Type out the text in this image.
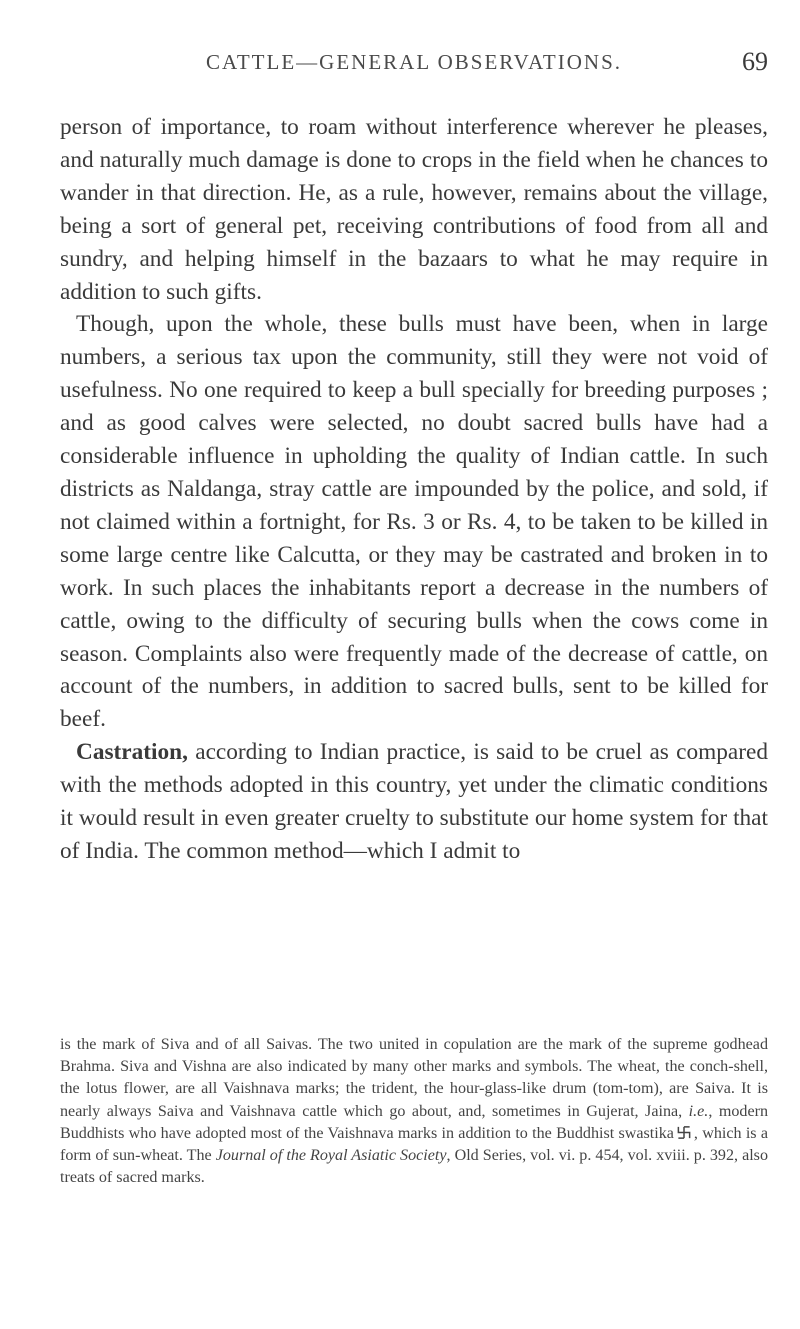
CATTLE—GENERAL OBSERVATIONS.	69

person of importance, to roam without interference wherever he pleases, and naturally much damage is done to crops in the field when he chances to wander in that direction. He, as a rule, however, remains about the village, being a sort of general pet, receiving contributions of food from all and sundry, and helping himself in the bazaars to what he may require in addition to such gifts.

Though, upon the whole, these bulls must have been, when in large numbers, a serious tax upon the community, still they were not void of usefulness. No one required to keep a bull specially for breeding purposes ; and as good calves were selected, no doubt sacred bulls have had a considerable influence in upholding the quality of Indian cattle. In such districts as Naldanga, stray cattle are impounded by the police, and sold, if not claimed within a fortnight, for Rs. 3 or Rs. 4, to be taken to be killed in some large centre like Calcutta, or they may be castrated and broken in to work. In such places the inhabitants report a decrease in the numbers of cattle, owing to the difficulty of securing bulls when the cows come in season. Complaints also were frequently made of the decrease of cattle, on account of the numbers, in addition to sacred bulls, sent to be killed for beef.

Castration, according to Indian practice, is said to be cruel as compared with the methods adopted in this country, yet under the climatic conditions it would result in even greater cruelty to substitute our home system for that of India. The common method—which I admit to

is the mark of Siva and of all Saivas. The two united in copulation are the mark of the supreme godhead Brahma. Siva and Vishna are also indicated by many other marks and symbols. The wheat, the conch-shell, the lotus flower, are all Vaishnava marks; the trident, the hour-glass-like drum (tom-tom), are Saiva. It is nearly always Saiva and Vaishnava cattle which go about, and, sometimes in Gujerat, Jaina, i.e., modern Buddhists who have adopted most of the Vaishnava marks in addition to the Buddhist swastika , which is a form of sun-wheat. The Journal of the Royal Asiatic Society, Old Series, vol. vi. p. 454, vol. xviii. p. 392, also treats of sacred marks.
